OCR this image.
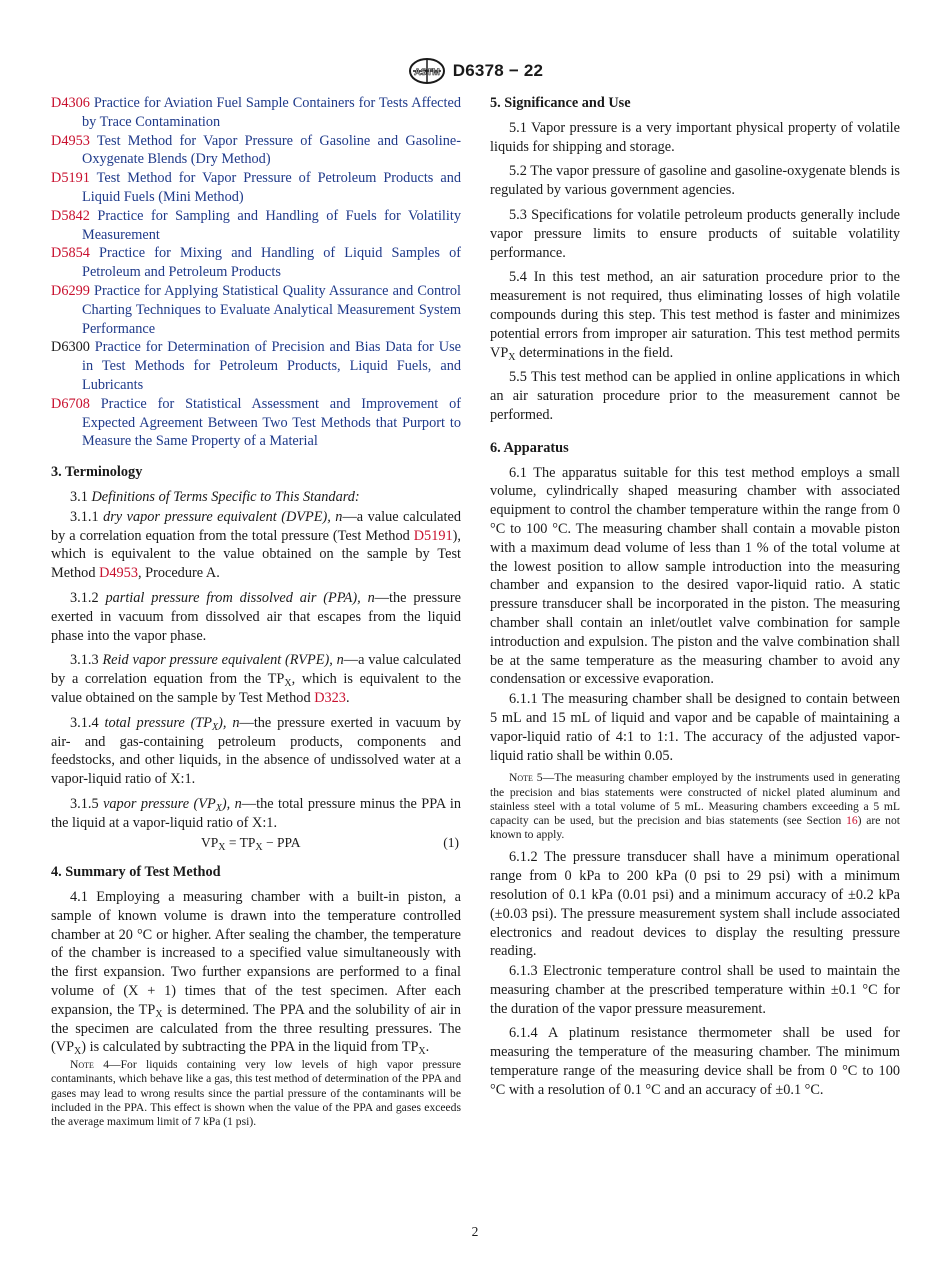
ASTM D6378 − 22

D4306 Practice for Aviation Fuel Sample Containers for Tests Affected by Trace Contamination

D4953 Test Method for Vapor Pressure of Gasoline and Gasoline-Oxygenate Blends (Dry Method)

D5191 Test Method for Vapor Pressure of Petroleum Products and Liquid Fuels (Mini Method)

D5842 Practice for Sampling and Handling of Fuels for Volatility Measurement

D5854 Practice for Mixing and Handling of Liquid Samples of Petroleum and Petroleum Products

D6299 Practice for Applying Statistical Quality Assurance and Control Charting Techniques to Evaluate Analytical Measurement System Performance

D6300 Practice for Determination of Precision and Bias Data for Use in Test Methods for Petroleum Products, Liquid Fuels, and Lubricants

D6708 Practice for Statistical Assessment and Improvement of Expected Agreement Between Two Test Methods that Purport to Measure the Same Property of a Material

3. Terminology

3.1 Definitions of Terms Specific to This Standard:

3.1.1 dry vapor pressure equivalent (DVPE), n—a value calculated by a correlation equation from the total pressure (Test Method D5191), which is equivalent to the value obtained on the sample by Test Method D4953, Procedure A.

3.1.2 partial pressure from dissolved air (PPA), n—the pressure exerted in vacuum from dissolved air that escapes from the liquid phase into the vapor phase.

3.1.3 Reid vapor pressure equivalent (RVPE), n—a value calculated by a correlation equation from the $TP_X$, which is equivalent to the value obtained on the sample by Test Method D323.

3.1.4 total pressure $(TP_X)$, n—the pressure exerted in vacuum by air- and gas-containing petroleum products, components and feedstocks, and other liquids, in the absence of undissolved water at a vapor-liquid ratio of X:1.

3.1.5 vapor pressure $(VP_X)$, n—the total pressure minus the PPA in the liquid at a vapor-liquid ratio of X:1.

$VP_X = TP_X$ − PPA	(1)

4. Summary of Test Method

4.1 Employing a measuring chamber with a built-in piston, a sample of known volume is drawn into the temperature controlled chamber at 20 °C or higher. After sealing the chamber, the temperature of the chamber is increased to a specified value simultaneously with the first expansion. Two further expansions are performed to a final volume of (X + 1) times that of the test specimen. After each expansion, the $TP_X$ is determined. The PPA and the solubility of air in the specimen are calculated from the three resulting pressures. The $(VP_X)$ is calculated by subtracting the PPA in the liquid from $TP_X$.

Note 4—For liquids containing very low levels of high vapor pressure contaminants, which behave like a gas, this test method of determination of the PPA and gases may lead to wrong results since the partial pressure of the contaminants will be included in the PPA. This effect is shown when the value of the PPA and gases exceeds the average maximum limit of 7 kPa (1 psi).

5. Significance and Use

5.1 Vapor pressure is a very important physical property of volatile liquids for shipping and storage.

5.2 The vapor pressure of gasoline and gasoline-oxygenate blends is regulated by various government agencies.

5.3 Specifications for volatile petroleum products generally include vapor pressure limits to ensure products of suitable volatility performance.

5.4 In this test method, an air saturation procedure prior to the measurement is not required, thus eliminating losses of high volatile compounds during this step. This test method is faster and minimizes potential errors from improper air saturation. This test method permits $VP_X$ determinations in the field.

5.5 This test method can be applied in online applications in which an air saturation procedure prior to the measurement cannot be performed.

6. Apparatus

6.1 The apparatus suitable for this test method employs a small volume, cylindrically shaped measuring chamber with associated equipment to control the chamber temperature within the range from 0 °C to 100 °C. The measuring chamber shall contain a movable piston with a maximum dead volume of less than 1 % of the total volume at the lowest position to allow sample introduction into the measuring chamber and expansion to the desired vapor-liquid ratio. A static pressure transducer shall be incorporated in the piston. The measuring chamber shall contain an inlet/outlet valve combination for sample introduction and expulsion. The piston and the valve combination shall be at the same temperature as the measuring chamber to avoid any condensation or excessive evaporation.

6.1.1 The measuring chamber shall be designed to contain between 5 mL and 15 mL of liquid and vapor and be capable of maintaining a vapor-liquid ratio of 4:1 to 1:1. The accuracy of the adjusted vapor-liquid ratio shall be within 0.05.

Note 5—The measuring chamber employed by the instruments used in generating the precision and bias statements were constructed of nickel plated aluminum and stainless steel with a total volume of 5 mL. Measuring chambers exceeding a 5 mL capacity can be used, but the precision and bias statements (see Section 16) are not known to apply.

6.1.2 The pressure transducer shall have a minimum operational range from 0 kPa to 200 kPa (0 psi to 29 psi) with a minimum resolution of 0.1 kPa (0.01 psi) and a minimum accuracy of ±0.2 kPa (±0.03 psi). The pressure measurement system shall include associated electronics and readout devices to display the resulting pressure reading.

6.1.3 Electronic temperature control shall be used to maintain the measuring chamber at the prescribed temperature within ±0.1 °C for the duration of the vapor pressure measurement.

6.1.4 A platinum resistance thermometer shall be used for measuring the temperature of the measuring chamber. The minimum temperature range of the measuring device shall be from 0 °C to 100 °C with a resolution of 0.1 °C and an accuracy of ±0.1 °C.

2
